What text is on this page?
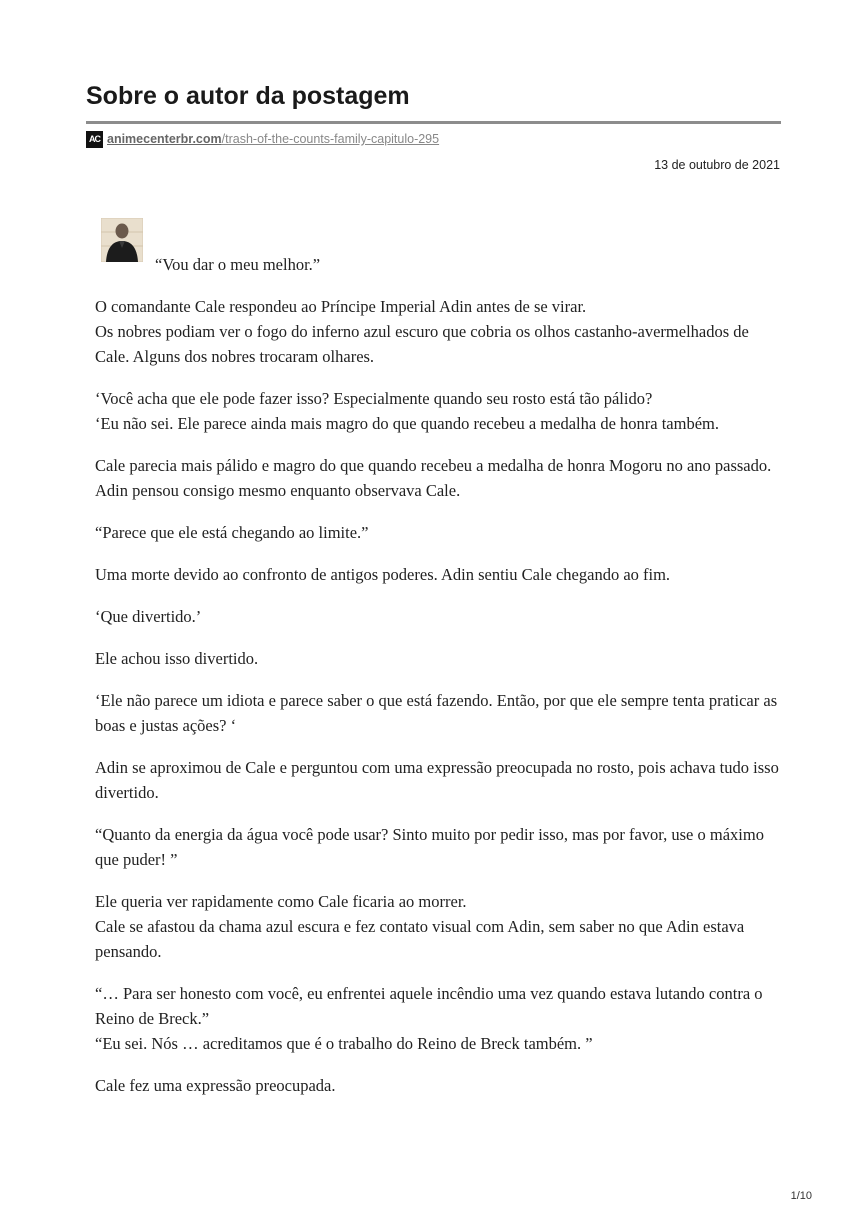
Sobre o autor da postagem
AC animecenterbr.com /trash-of-the-counts-family-capitulo-295
13 de outubro de 2021

“Vou dar o meu melhor.”

O comandante Cale respondeu ao Príncipe Imperial Adin antes de se virar.
Os nobres podiam ver o fogo do inferno azul escuro que cobria os olhos castanho-avermelhados de Cale. Alguns dos nobres trocaram olhares.

‘Você acha que ele pode fazer isso? Especialmente quando seu rosto está tão pálido?
‘Eu não sei. Ele parece ainda mais magro do que quando recebeu a medalha de honra também.

Cale parecia mais pálido e magro do que quando recebeu a medalha de honra Mogoru no ano passado.
Adin pensou consigo mesmo enquanto observava Cale.

“Parece que ele está chegando ao limite.”

Uma morte devido ao confronto de antigos poderes. Adin sentiu Cale chegando ao fim.

‘Que divertido.’

Ele achou isso divertido.

‘Ele não parece um idiota e parece saber o que está fazendo. Então, por que ele sempre tenta praticar as boas e justas ações? ‘

Adin se aproximou de Cale e perguntou com uma expressão preocupada no rosto, pois achava tudo isso divertido.

“Quanto da energia da água você pode usar? Sinto muito por pedir isso, mas por favor, use o máximo que puder! ”

Ele queria ver rapidamente como Cale ficaria ao morrer.
Cale se afastou da chama azul escura e fez contato visual com Adin, sem saber no que Adin estava pensando.

“… Para ser honesto com você, eu enfrentei aquele incêndio uma vez quando estava lutando contra o Reino de Breck.”
“Eu sei. Nós … acreditamos que é o trabalho do Reino de Breck também. ”

Cale fez uma expressão preocupada.

1/10
